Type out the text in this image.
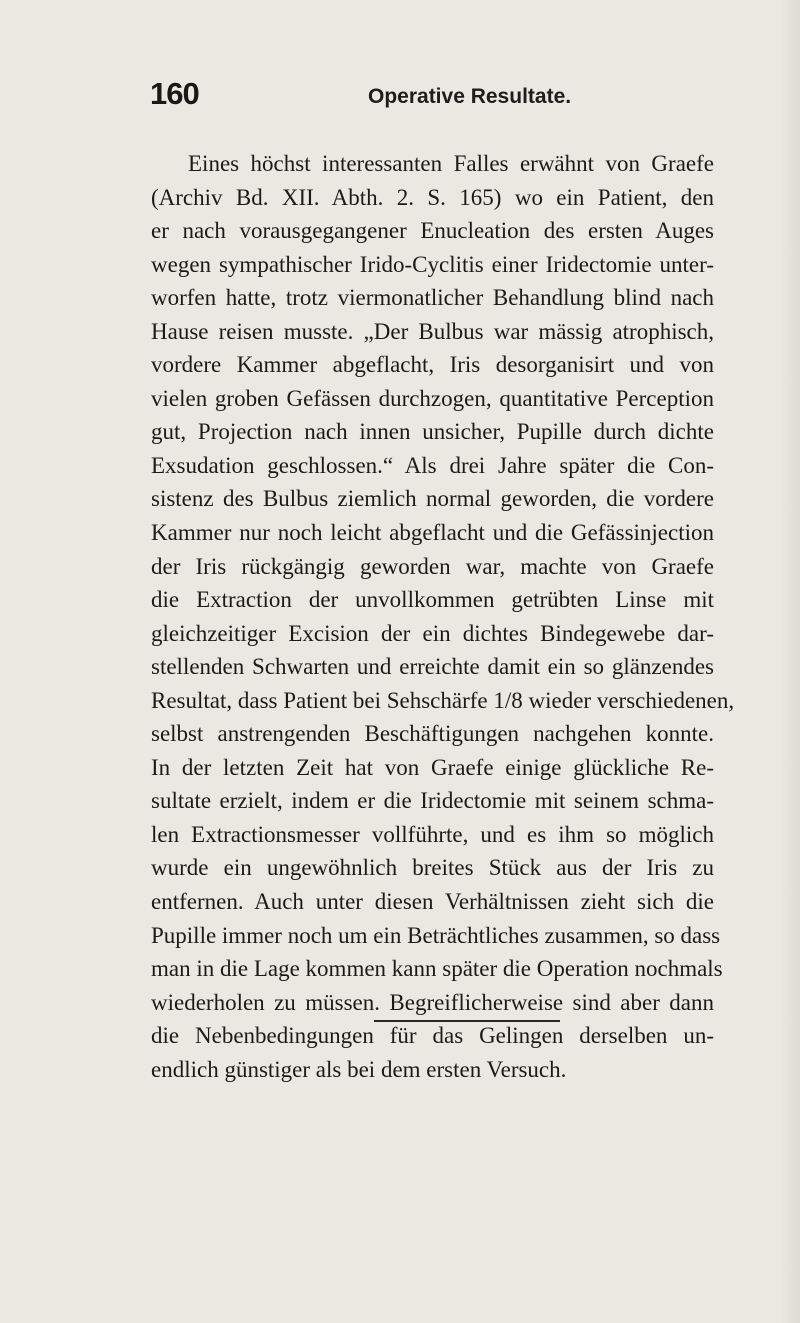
160	Operative Resultate.
Eines höchst interessanten Falles erwähnt von Graefe
(Archiv Bd. XII. Abth. 2. S. 165) wo ein Patient, den
er nach vorausgegangener Enucleation des ersten Auges
wegen sympathischer Irido-Cyclitis einer Iridectomie unter-
worfen hatte, trotz viermonatlicher Behandlung blind nach
Hause reisen musste. „Der Bulbus war mässig atrophisch,
vordere Kammer abgeflacht, Iris desorganisirt und von
vielen groben Gefässen durchzogen, quantitative Perception
gut, Projection nach innen unsicher, Pupille durch dichte
Exsudation geschlossen.“ Als drei Jahre später die Con-
sistenz des Bulbus ziemlich normal geworden, die vordere
Kammer nur noch leicht abgeflacht und die Gefässinjection
der Iris rückgängig geworden war, machte von Graefe
die Extraction der unvollkommen getrübten Linse mit
gleichzeitiger Excision der ein dichtes Bindegewebe dar-
stellenden Schwarten und erreichte damit ein so glänzendes
Resultat, dass Patient bei Sehschärfe 1/8 wieder verschiedenen,
selbst anstrengenden Beschäftigungen nachgehen konnte.
In der letzten Zeit hat von Graefe einige glückliche Re-
sultate erzielt, indem er die Iridectomie mit seinem schma-
len Extractionsmesser vollführte, und es ihm so möglich
wurde ein ungewöhnlich breites Stück aus der Iris zu
entfernen. Auch unter diesen Verhältnissen zieht sich die
Pupille immer noch um ein Beträchtliches zusammen, so dass
man in die Lage kommen kann später die Operation nochmals
wiederholen zu müssen. Begreiflicherweise sind aber dann
die Nebenbedingungen für das Gelingen derselben un-
endlich günstiger als bei dem ersten Versuch.
